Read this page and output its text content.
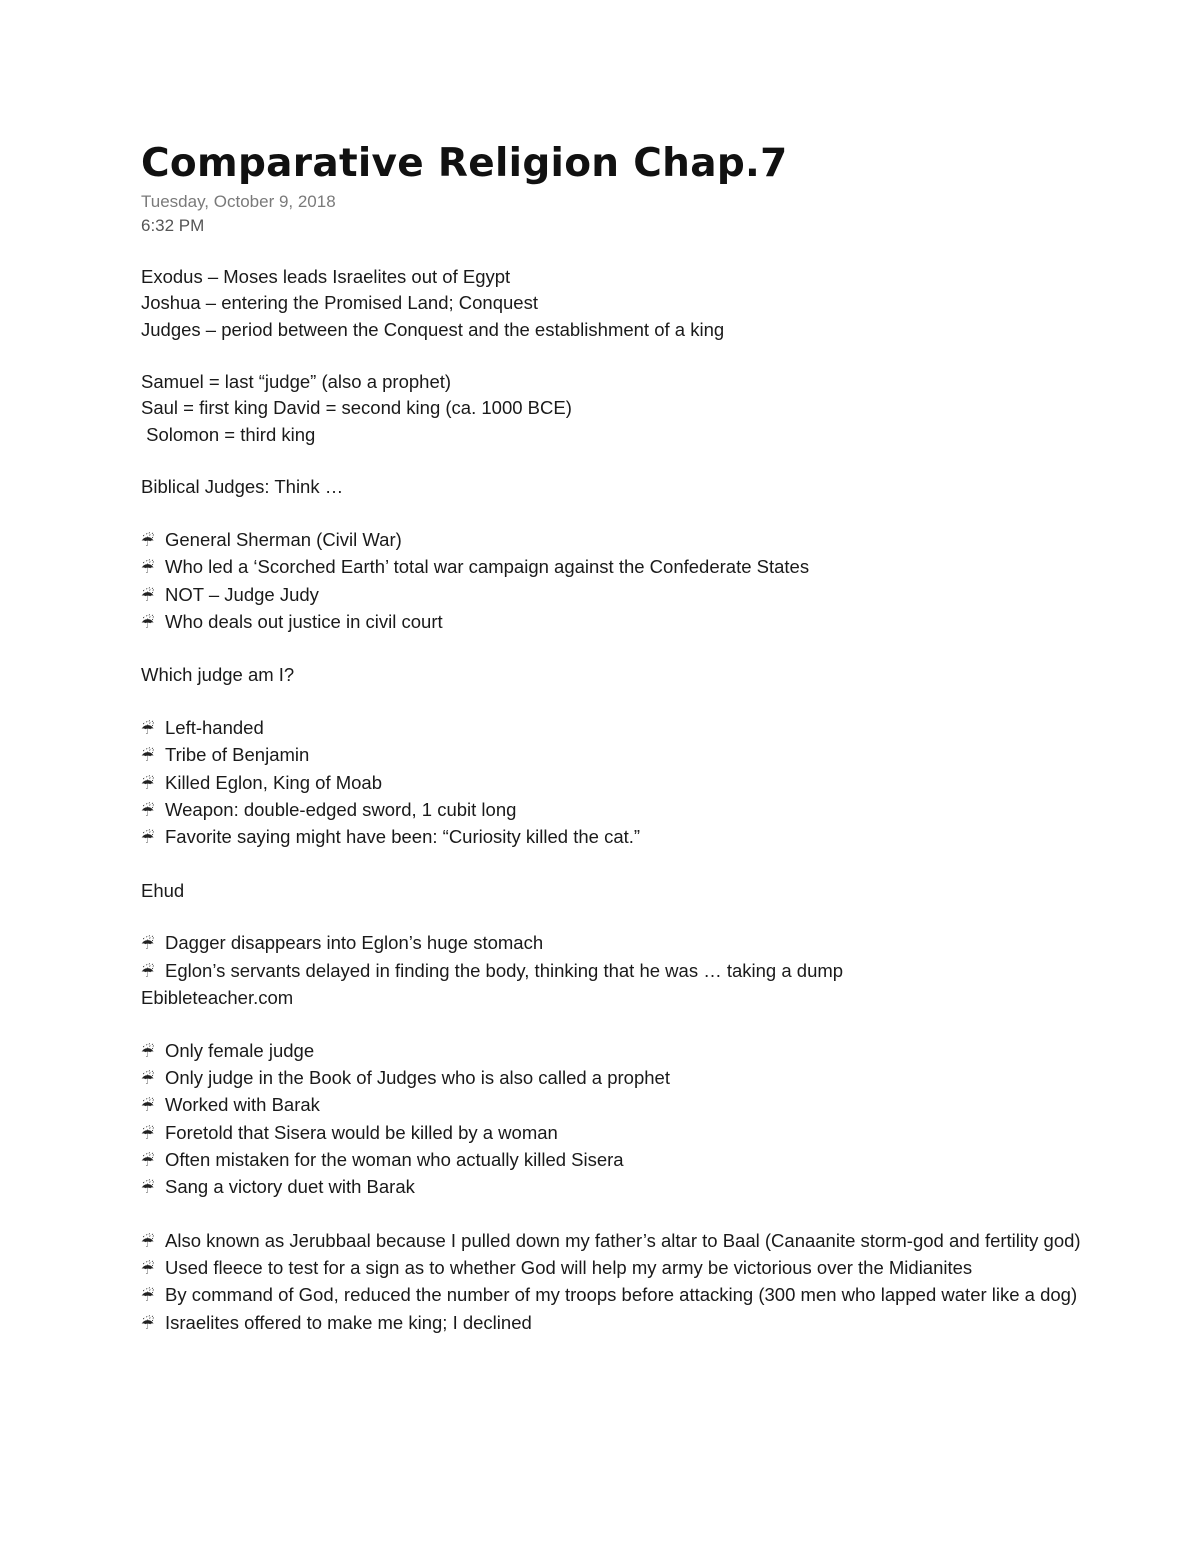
Comparative Religion Chap.7
Tuesday, October 9, 2018
6:32 PM

Exodus – Moses leads Israelites out of Egypt

Joshua – entering the Promised Land; Conquest

Judges – period between the Conquest and the establishment of a king

Samuel = last “judge” (also a prophet)

Saul = first king David = second king (ca. 1000 BCE)

Solomon = third king

Biblical Judges: Think …

☔ General Sherman (Civil War)

☔ Who led a ‘Scorched Earth’ total war campaign against the Confederate States

☔ NOT – Judge Judy

☔ Who deals out justice in civil court

Which judge am I?

☔ Left-handed

☔ Tribe of Benjamin

☔ Killed Eglon, King of Moab

☔ Weapon: double-edged sword, 1 cubit long

☔ Favorite saying might have been: “Curiosity killed the cat.”

Ehud

☔ Dagger disappears into Eglon’s huge stomach

☔ Eglon’s servants delayed in finding the body, thinking that he was … taking a dump

Ebibleteacher.com

☔ Only female judge

☔ Only judge in the Book of Judges who is also called a prophet

☔ Worked with Barak

☔ Foretold that Sisera would be killed by a woman

☔ Often mistaken for the woman who actually killed Sisera

☔ Sang a victory duet with Barak

☔ Also known as Jerubbaal because I pulled down my father’s altar to Baal (Canaanite storm-god and fertility god)

☔ Used fleece to test for a sign as to whether God will help my army be victorious over the Midianites

☔ By command of God, reduced the number of my troops before attacking (300 men who lapped water like a dog)

☔ Israelites offered to make me king; I declined
